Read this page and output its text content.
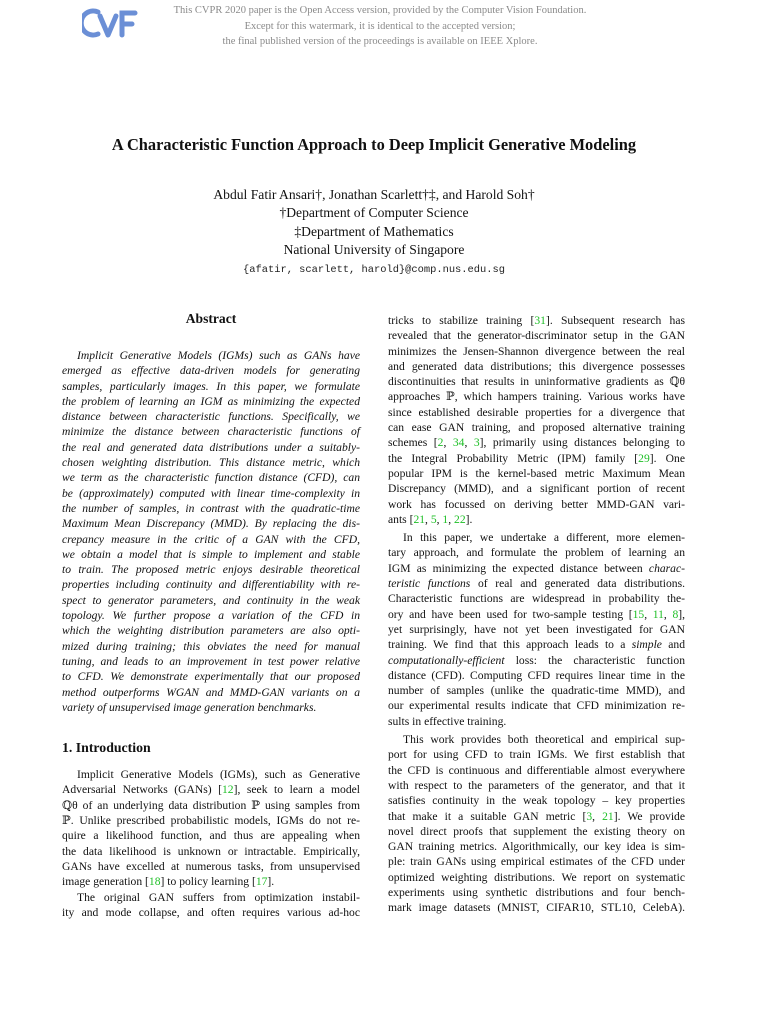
This CVPR 2020 paper is the Open Access version, provided by the Computer Vision Foundation.
Except for this watermark, it is identical to the accepted version;
the final published version of the proceedings is available on IEEE Xplore.
A Characteristic Function Approach to Deep Implicit Generative Modeling
Abdul Fatir Ansari†, Jonathan Scarlett†‡, and Harold Soh†
†Department of Computer Science
‡Department of Mathematics
National University of Singapore
{afatir, scarlett, harold}@comp.nus.edu.sg
Abstract
Implicit Generative Models (IGMs) such as GANs have
emerged as effective data-driven models for generating
samples, particularly images. In this paper, we formulate
the problem of learning an IGM as minimizing the expected
distance between characteristic functions. Specifically, we
minimize the distance between characteristic functions of
the real and generated data distributions under a suitably-
chosen weighting distribution. This distance metric, which
we term as the characteristic function distance (CFD), can
be (approximately) computed with linear time-complexity in
the number of samples, in contrast with the quadratic-time
Maximum Mean Discrepancy (MMD). By replacing the dis-
crepancy measure in the critic of a GAN with the CFD,
we obtain a model that is simple to implement and stable
to train. The proposed metric enjoys desirable theoretical
properties including continuity and differentiability with re-
spect to generator parameters, and continuity in the weak
topology. We further propose a variation of the CFD in
which the weighting distribution parameters are also opti-
mized during training; this obviates the need for manual
tuning, and leads to an improvement in test power relative
to CFD. We demonstrate experimentally that our proposed
method outperforms WGAN and MMD-GAN variants on a
variety of unsupervised image generation benchmarks.
1. Introduction
Implicit Generative Models (IGMs), such as Generative
Adversarial Networks (GANs) [12], seek to learn a model
ℚθ of an underlying data distribution ℙ using samples from
ℙ. Unlike prescribed probabilistic models, IGMs do not re-
quire a likelihood function, and thus are appealing when
the data likelihood is unknown or intractable. Empirically,
GANs have excelled at numerous tasks, from unsupervised
image generation [18] to policy learning [17].
The original GAN suffers from optimization instabil-
ity and mode collapse, and often requires various ad-hoc
tricks to stabilize training [31]. Subsequent research has
revealed that the generator-discriminator setup in the GAN
minimizes the Jensen-Shannon divergence between the real
and generated data distributions; this divergence possesses
discontinuities that results in uninformative gradients as ℚθ
approaches ℙ, which hampers training. Various works have
since established desirable properties for a divergence that
can ease GAN training, and proposed alternative training
schemes [2, 34, 3], primarily using distances belonging to
the Integral Probability Metric (IPM) family [29]. One
popular IPM is the kernel-based metric Maximum Mean
Discrepancy (MMD), and a significant portion of recent
work has focussed on deriving better MMD-GAN vari-
ants [21, 5, 1, 22].
In this paper, we undertake a different, more elemen-
tary approach, and formulate the problem of learning an
IGM as minimizing the expected distance between charac-
teristic functions of real and generated data distributions.
Characteristic functions are widespread in probability the-
ory and have been used for two-sample testing [15, 11, 8],
yet surprisingly, have not yet been investigated for GAN
training. We find that this approach leads to a simple and
computationally-efficient loss: the characteristic function
distance (CFD). Computing CFD requires linear time in the
number of samples (unlike the quadratic-time MMD), and
our experimental results indicate that CFD minimization re-
sults in effective training.
This work provides both theoretical and empirical sup-
port for using CFD to train IGMs. We first establish that
the CFD is continuous and differentiable almost everywhere
with respect to the parameters of the generator, and that it
satisfies continuity in the weak topology – key properties
that make it a suitable GAN metric [3, 21]. We provide
novel direct proofs that supplement the existing theory on
GAN training metrics. Algorithmically, our key idea is sim-
ple: train GANs using empirical estimates of the CFD under
optimized weighting distributions. We report on systematic
experiments using synthetic distributions and four bench-
mark image datasets (MNIST, CIFAR10, STL10, CelebA).
